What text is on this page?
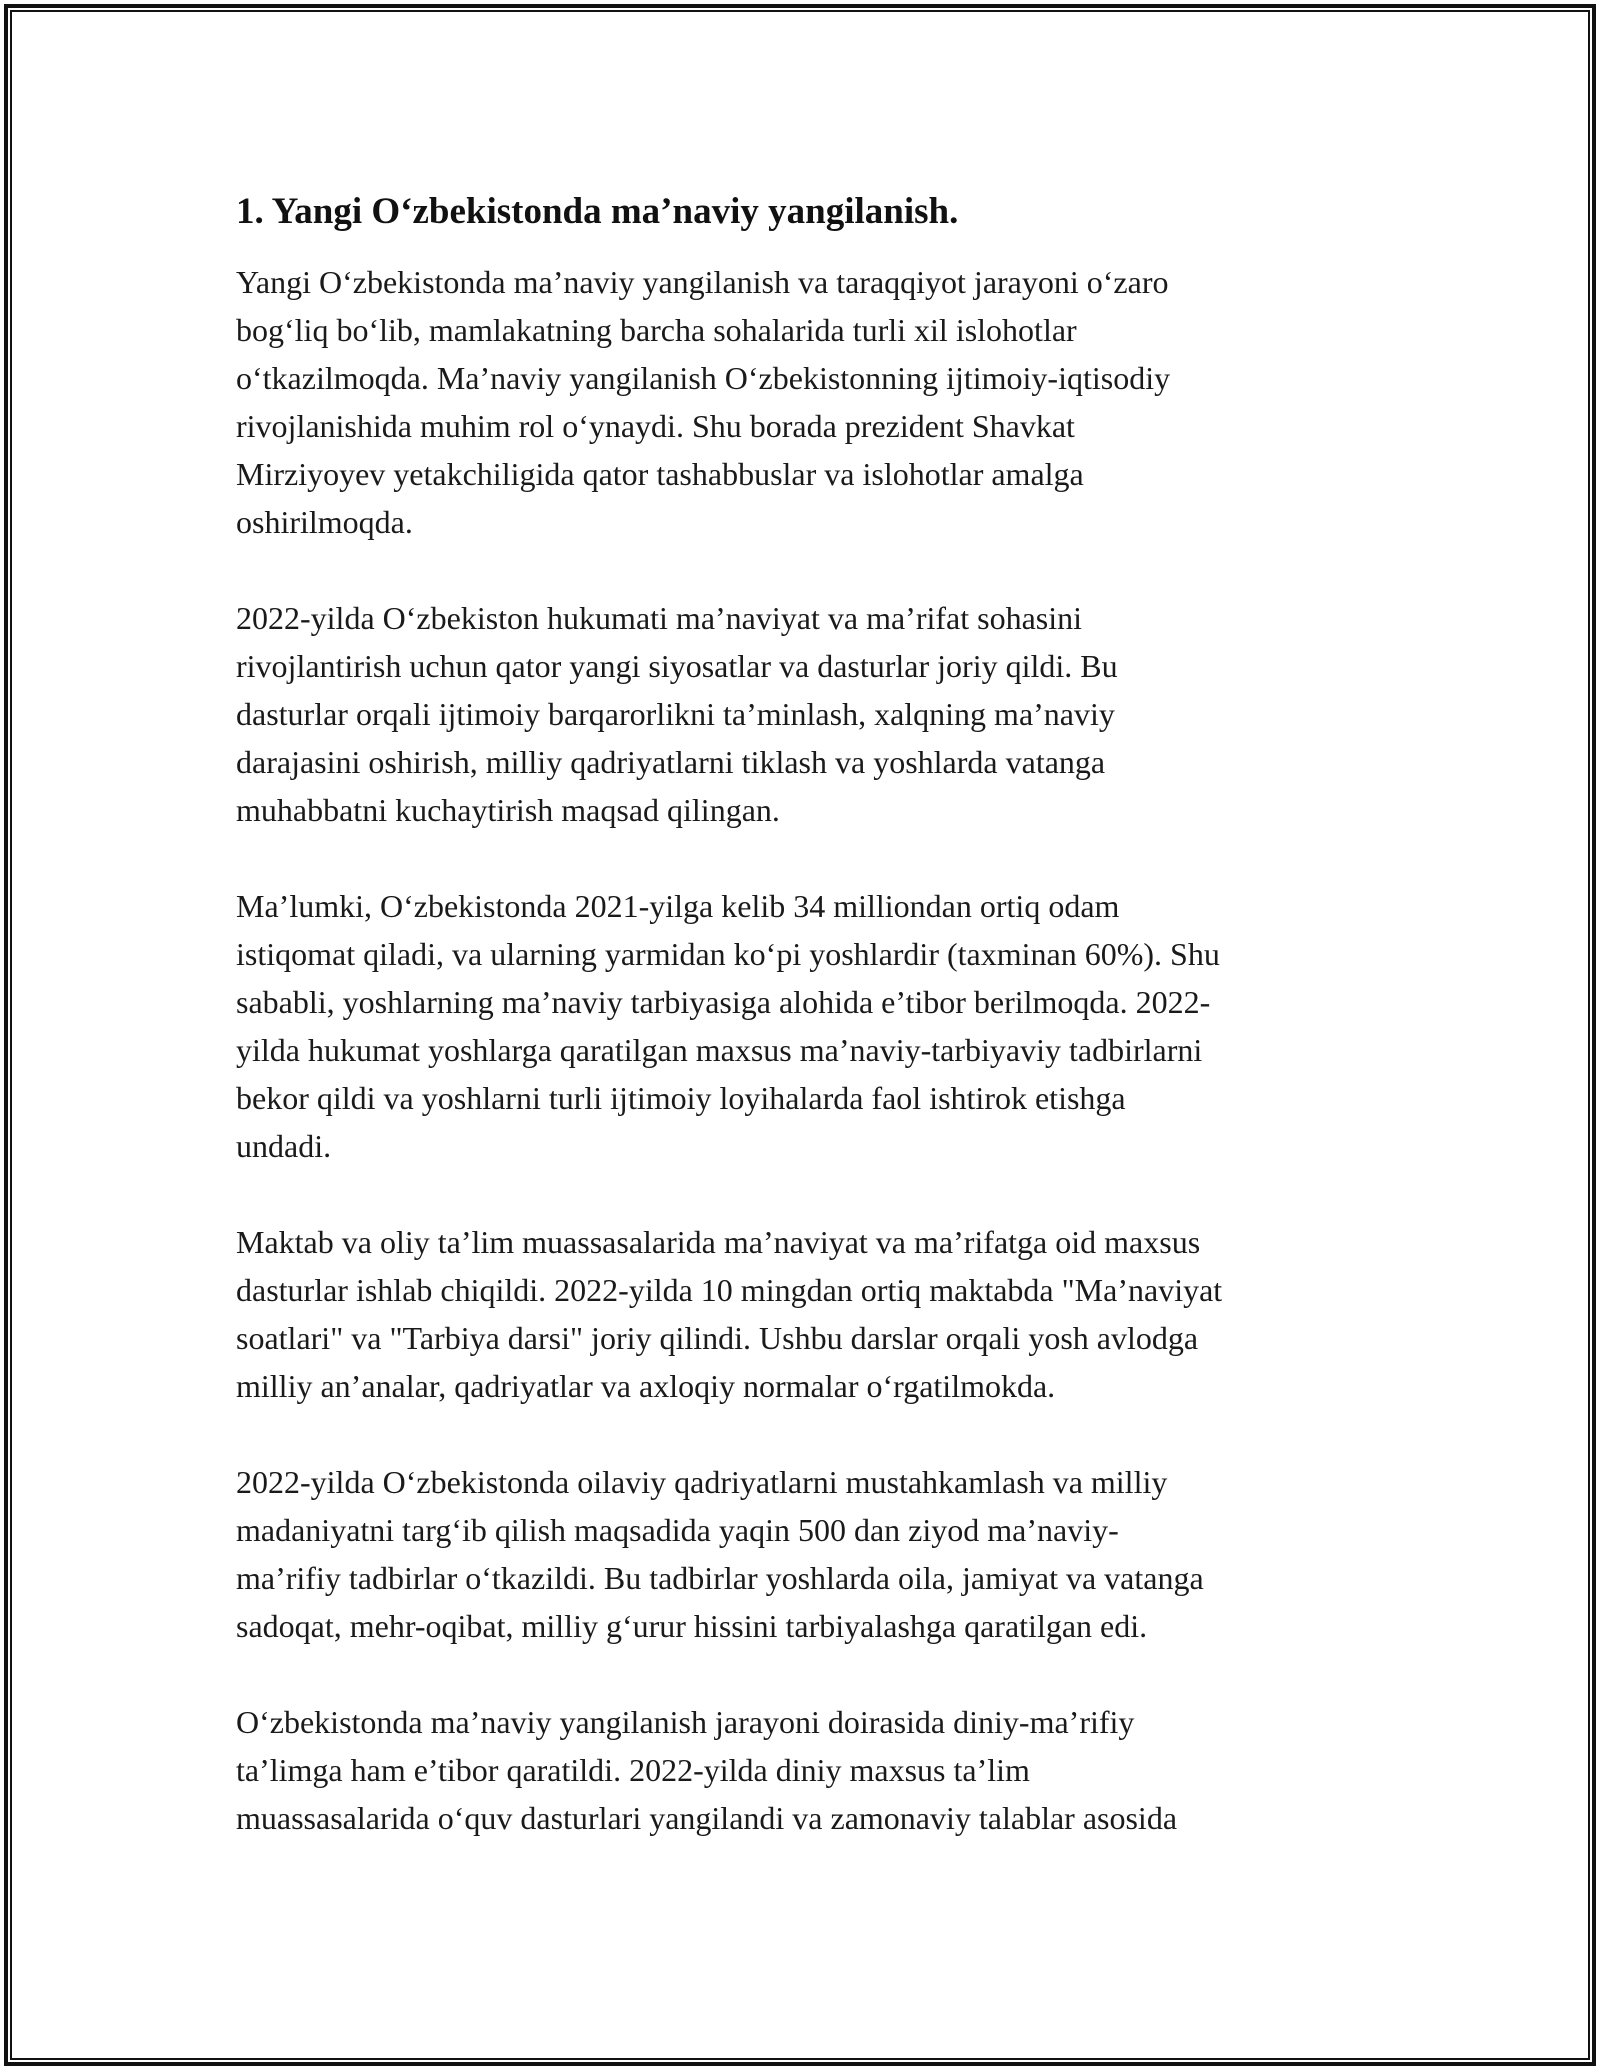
1. Yangi O‘zbekistonda ma’naviy yangilanish.

Yangi O‘zbekistonda ma’naviy yangilanish va taraqqiyot jarayoni o‘zaro
bog‘liq bo‘lib, mamlakatning barcha sohalarida turli xil islohotlar
o‘tkazilmoqda. Ma’naviy yangilanish O‘zbekistonning ijtimoiy-iqtisodiy
rivojlanishida muhim rol o‘ynaydi. Shu borada prezident Shavkat
Mirziyoyev yetakchiligida qator tashabbuslar va islohotlar amalga
oshirilmoqda.

2022-yilda O‘zbekiston hukumati ma’naviyat va ma’rifat sohasini
rivojlantirish uchun qator yangi siyosatlar va dasturlar joriy qildi. Bu
dasturlar orqali ijtimoiy barqarorlikni ta’minlash, xalqning ma’naviy
darajasini oshirish, milliy qadriyatlarni tiklash va yoshlarda vatanga
muhabbatni kuchaytirish maqsad qilingan.

Ma’lumki, O‘zbekistonda 2021-yilga kelib 34 milliondan ortiq odam
istiqomat qiladi, va ularning yarmidan ko‘pi yoshlardir (taxminan 60%). Shu
sababli, yoshlarning ma’naviy tarbiyasiga alohida e’tibor berilmoqda. 2022-
yilda hukumat yoshlarga qaratilgan maxsus ma’naviy-tarbiyaviy tadbirlarni
bekor qildi va yoshlarni turli ijtimoiy loyihalarda faol ishtirok etishga
undadi.

Maktab va oliy ta’lim muassasalarida ma’naviyat va ma’rifatga oid maxsus
dasturlar ishlab chiqildi. 2022-yilda 10 mingdan ortiq maktabda "Ma’naviyat
soatlari" va "Tarbiya darsi" joriy qilindi. Ushbu darslar orqali yosh avlodga
milliy an’analar, qadriyatlar va axloqiy normalar o‘rgatilmokda.

2022-yilda O‘zbekistonda oilaviy qadriyatlarni mustahkamlash va milliy
madaniyatni targ‘ib qilish maqsadida yaqin 500 dan ziyod ma’naviy-
ma’rifiy tadbirlar o‘tkazildi. Bu tadbirlar yoshlarda oila, jamiyat va vatanga
sadoqat, mehr-oqibat, milliy g‘urur hissini tarbiyalashga qaratilgan edi.

O‘zbekistonda ma’naviy yangilanish jarayoni doirasida diniy-ma’rifiy
ta’limga ham e’tibor qaratildi. 2022-yilda diniy maxsus ta’lim
muassasalarida o‘quv dasturlari yangilandi va zamonaviy talablar asosida
